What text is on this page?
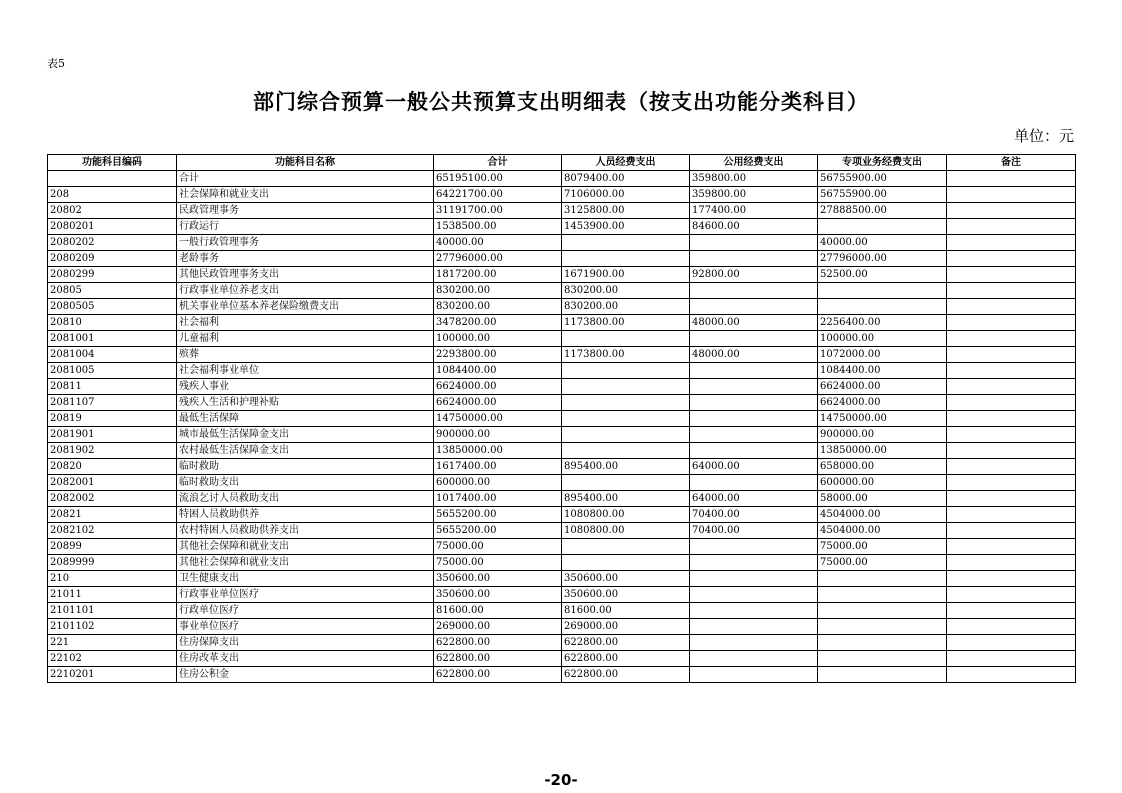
表5
部门综合预算一般公共预算支出明细表（按支出功能分类科目）
单位：元
功能科目编码	功能科目名称	合计	人员经费支出	公用经费支出	专项业务经费支出	备注
	合计	65195100.00	8079400.00	359800.00	56755900.00	
208	社会保障和就业支出	64221700.00	7106000.00	359800.00	56755900.00	
20802	民政管理事务	31191700.00	3125800.00	177400.00	27888500.00	
2080201	行政运行	1538500.00	1453900.00	84600.00		
2080202	一般行政管理事务	40000.00			40000.00	
2080209	老龄事务	27796000.00			27796000.00	
2080299	其他民政管理事务支出	1817200.00	1671900.00	92800.00	52500.00	
20805	行政事业单位养老支出	830200.00	830200.00			
2080505	机关事业单位基本养老保险缴费支出	830200.00	830200.00			
20810	社会福利	3478200.00	1173800.00	48000.00	2256400.00	
2081001	儿童福利	100000.00			100000.00	
2081004	殡葬	2293800.00	1173800.00	48000.00	1072000.00	
2081005	社会福利事业单位	1084400.00			1084400.00	
20811	残疾人事业	6624000.00			6624000.00	
2081107	残疾人生活和护理补贴	6624000.00			6624000.00	
20819	最低生活保障	14750000.00			14750000.00	
2081901	城市最低生活保障金支出	900000.00			900000.00	
2081902	农村最低生活保障金支出	13850000.00			13850000.00	
20820	临时救助	1617400.00	895400.00	64000.00	658000.00	
2082001	临时救助支出	600000.00			600000.00	
2082002	流浪乞讨人员救助支出	1017400.00	895400.00	64000.00	58000.00	
20821	特困人员救助供养	5655200.00	1080800.00	70400.00	4504000.00	
2082102	农村特困人员救助供养支出	5655200.00	1080800.00	70400.00	4504000.00	
20899	其他社会保障和就业支出	75000.00			75000.00	
2089999	其他社会保障和就业支出	75000.00			75000.00	
210	卫生健康支出	350600.00	350600.00			
21011	行政事业单位医疗	350600.00	350600.00			
2101101	行政单位医疗	81600.00	81600.00			
2101102	事业单位医疗	269000.00	269000.00			
221	住房保障支出	622800.00	622800.00			
22102	住房改革支出	622800.00	622800.00			
2210201	住房公积金	622800.00	622800.00			
-20-
